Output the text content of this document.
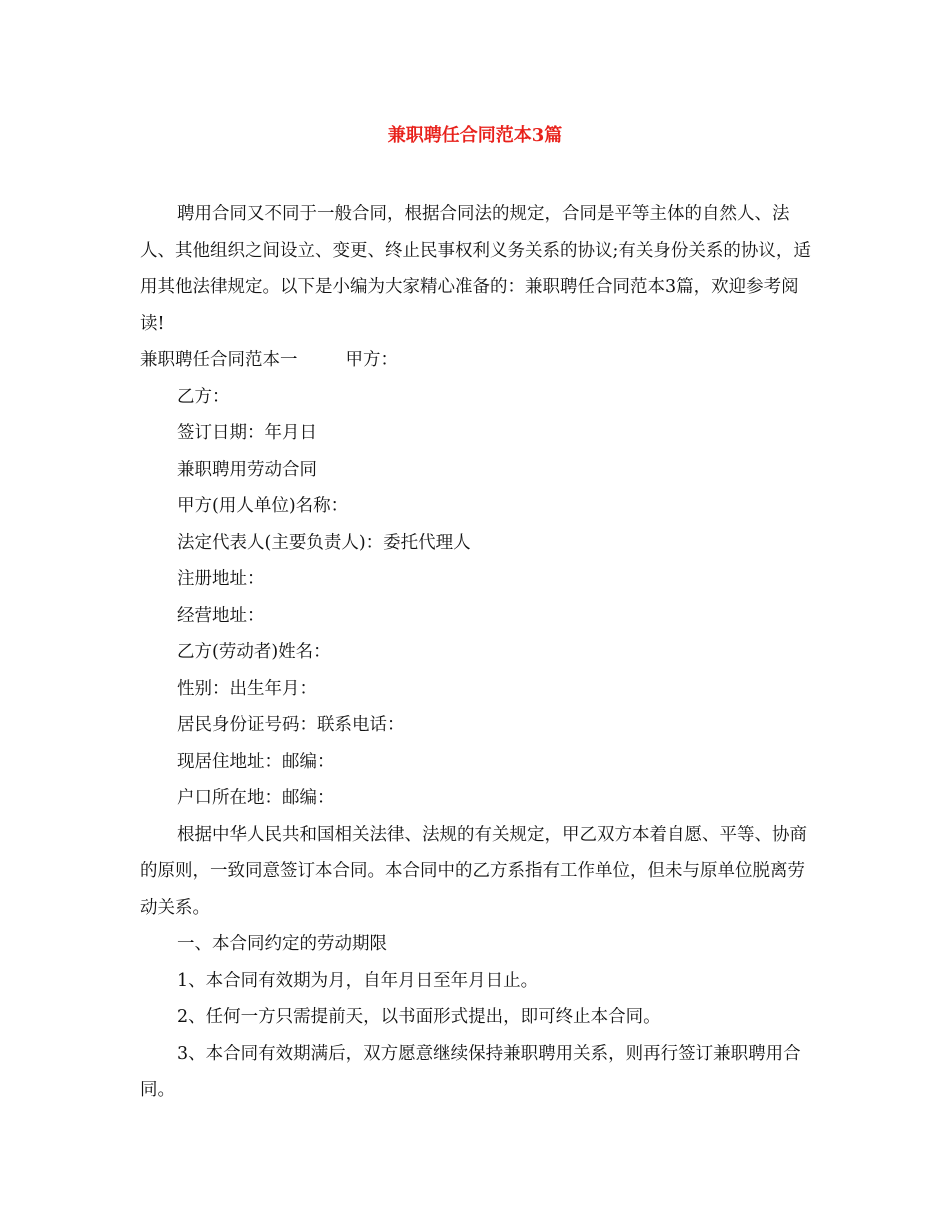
兼职聘任合同范本3篇

聘用合同又不同于一般合同，根据合同法的规定，合同是平等主体的自然人、法人、其他组织之间设立、变更、终止民事权利义务关系的协议;有关身份关系的协议，适用其他法律规定。以下是小编为大家精心准备的：兼职聘任合同范本3篇，欢迎参考阅读!

兼职聘任合同范本一	甲方：

乙方：

签订日期：年月日

兼职聘用劳动合同

甲方(用人单位)名称：

法定代表人(主要负责人)：委托代理人

注册地址：

经营地址：

乙方(劳动者)姓名：

性别：出生年月：

居民身份证号码：联系电话：

现居住地址：邮编：

户口所在地：邮编：

根据中华人民共和国相关法律、法规的有关规定，甲乙双方本着自愿、平等、协商的原则，一致同意签订本合同。本合同中的乙方系指有工作单位，但未与原单位脱离劳动关系。

一、本合同约定的劳动期限

1、本合同有效期为月，自年月日至年月日止。

2、任何一方只需提前天，以书面形式提出，即可终止本合同。

3、本合同有效期满后，双方愿意继续保持兼职聘用关系，则再行签订兼职聘用合同。
